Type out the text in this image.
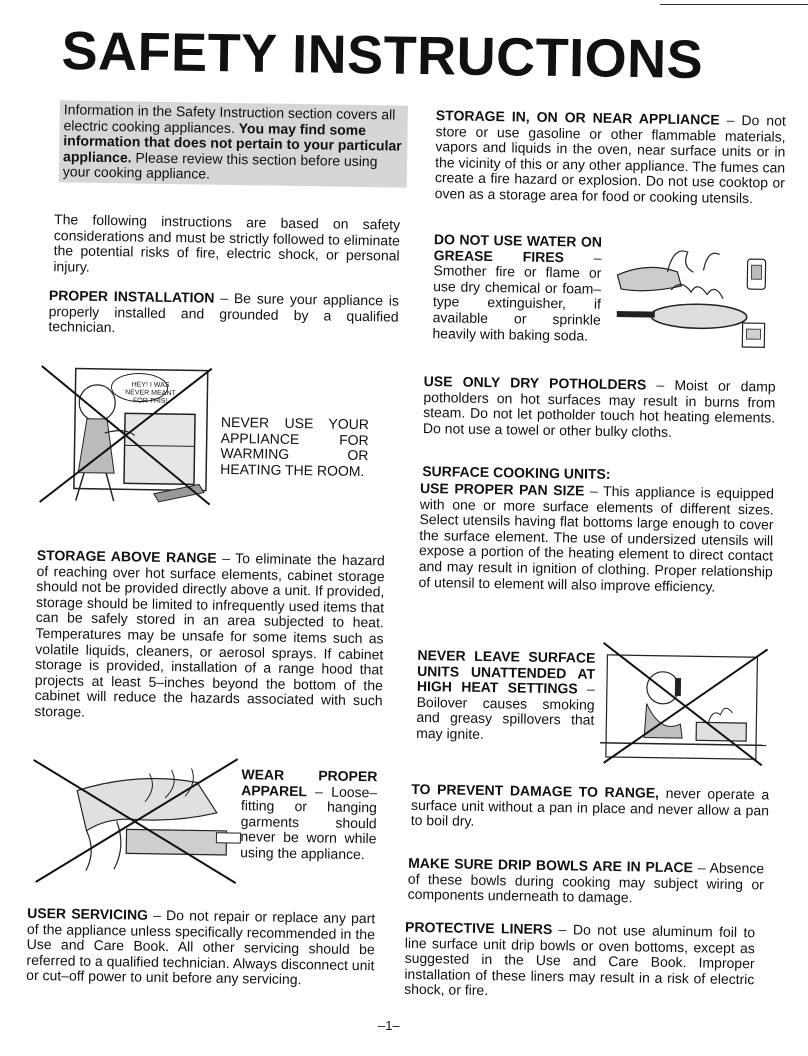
SAFETY INSTRUCTIONS
Information in the Safety Instruction section covers all electric cooking appliances. You may find some information that does not pertain to your particular appliance. Please review this section before using your cooking appliance.

The following instructions are based on safety considerations and must be strictly followed to eliminate the potential risks of fire, electric shock, or personal injury.

PROPER INSTALLATION – Be sure your appliance is properly installed and grounded by a qualified technician.

HEY! I WAS NEVER MEANT FOR THIS!
NEVER USE YOUR APPLIANCE FOR WARMING OR HEATING THE ROOM.

STORAGE ABOVE RANGE – To eliminate the hazard of reaching over hot surface elements, cabinet storage should not be provided directly above a unit. If provided, storage should be limited to infrequently used items that can be safely stored in an area subjected to heat. Temperatures may be unsafe for some items such as volatile liquids, cleaners, or aerosol sprays. If cabinet storage is provided, installation of a range hood that projects at least 5–inches beyond the bottom of the cabinet will reduce the hazards associated with such storage.

WEAR PROPER APPAREL – Loose–fitting or hanging garments should never be worn while using the appliance.

USER SERVICING – Do not repair or replace any part of the appliance unless specifically recommended in the Use and Care Book. All other servicing should be referred to a qualified technician. Always disconnect unit or cut–off power to unit before any servicing.

STORAGE IN, ON OR NEAR APPLIANCE – Do not store or use gasoline or other flammable materials, vapors and liquids in the oven, near surface units or in the vicinity of this or any other appliance. The fumes can create a fire hazard or explosion. Do not use cooktop or oven as a storage area for food or cooking utensils.

DO NOT USE WATER ON GREASE FIRES – Smother fire or flame or use dry chemical or foam–type extinguisher, if available or sprinkle heavily with baking soda.

USE ONLY DRY POTHOLDERS – Moist or damp potholders on hot surfaces may result in burns from steam. Do not let potholder touch hot heating elements. Do not use a towel or other bulky cloths.

SURFACE COOKING UNITS:

USE PROPER PAN SIZE – This appliance is equipped with one or more surface elements of different sizes. Select utensils having flat bottoms large enough to cover the surface element. The use of undersized utensils will expose a portion of the heating element to direct contact and may result in ignition of clothing. Proper relationship of utensil to element will also improve efficiency.

NEVER LEAVE SURFACE UNITS UNATTENDED AT HIGH HEAT SETTINGS – Boilover causes smoking and greasy spillovers that may ignite.

TO PREVENT DAMAGE TO RANGE, never operate a surface unit without a pan in place and never allow a pan to boil dry.

MAKE SURE DRIP BOWLS ARE IN PLACE – Absence of these bowls during cooking may subject wiring or components underneath to damage.

PROTECTIVE LINERS – Do not use aluminum foil to line surface unit drip bowls or oven bottoms, except as suggested in the Use and Care Book. Improper installation of these liners may result in a risk of electric shock, or fire.

–1–
